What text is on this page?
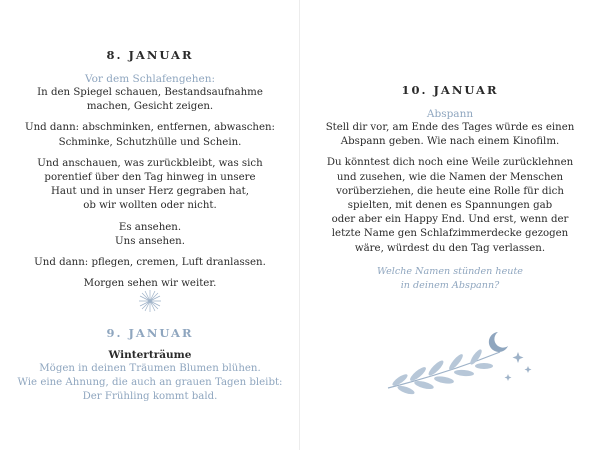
8. JANUAR
Vor dem Schlafengehen:

In den Spiegel schauen, Bestandsaufnahme
machen, Gesicht zeigen.

Und dann: abschminken, entfernen, abwaschen:
Schminke, Schutzhülle und Schein.

Und anschauen, was zurückbleibt, was sich
porentief über den Tag hinweg in unsere
Haut und in unser Herz gegraben hat,
ob wir wollten oder nicht.

Es ansehen.
Uns ansehen.

Und dann: pflegen, cremen, Luft dranlassen.

Morgen sehen wir weiter.

9. JANUAR
Winterträume

Mögen in deinen Träumen Blumen blühen.
Wie eine Ahnung, die auch an grauen Tagen bleibt:
Der Frühling kommt bald.

10. JANUAR
Abspann

Stell dir vor, am Ende des Tages würde es einen
Abspann geben. Wie nach einem Kinofilm.

Du könntest dich noch eine Weile zurücklehnen
und zusehen, wie die Namen der Menschen
vorüberziehen, die heute eine Rolle für dich
spielten, mit denen es Spannungen gab
oder aber ein Happy End. Und erst, wenn der
letzte Name gen Schlafzimmerdecke gezogen
wäre, würdest du den Tag verlassen.

Welche Namen stünden heute
in deinem Abspann?
